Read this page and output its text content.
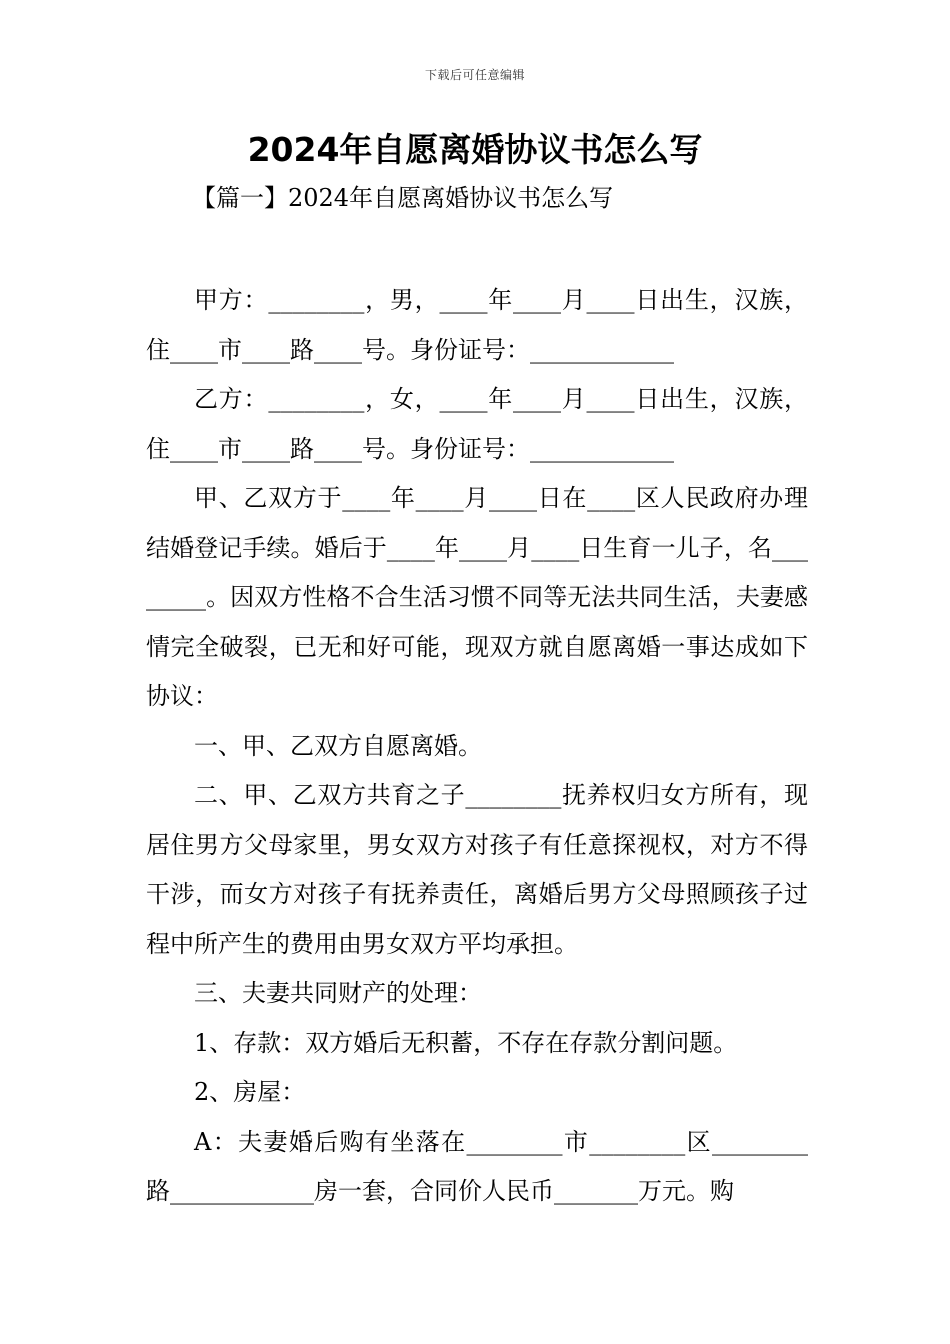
下载后可任意编辑
2024年自愿离婚协议书怎么写
【篇一】2024年自愿离婚协议书怎么写

甲方：________，男，____年____月____日出生，汉族，住____市____路____号。身份证号：____________

乙方：________，女，____年____月____日出生，汉族，住____市____路____号。身份证号：____________

甲、乙双方于____年____月____日在____区人民政府办理结婚登记手续。婚后于____年____月____日生育一儿子，名________。因双方性格不合生活习惯不同等无法共同生活，夫妻感情完全破裂，已无和好可能，现双方就自愿离婚一事达成如下协议：

一、甲、乙双方自愿离婚。

二、甲、乙双方共育之子________抚养权归女方所有，现居住男方父母家里，男女双方对孩子有任意探视权，对方不得干涉，而女方对孩子有抚养责任，离婚后男方父母照顾孩子过程中所产生的费用由男女双方平均承担。

三、夫妻共同财产的处理：

1、存款：双方婚后无积蓄，不存在存款分割问题。

2、房屋：

A：夫妻婚后购有坐落在________市________区________路____________房一套，合同价人民币_______万元。购
